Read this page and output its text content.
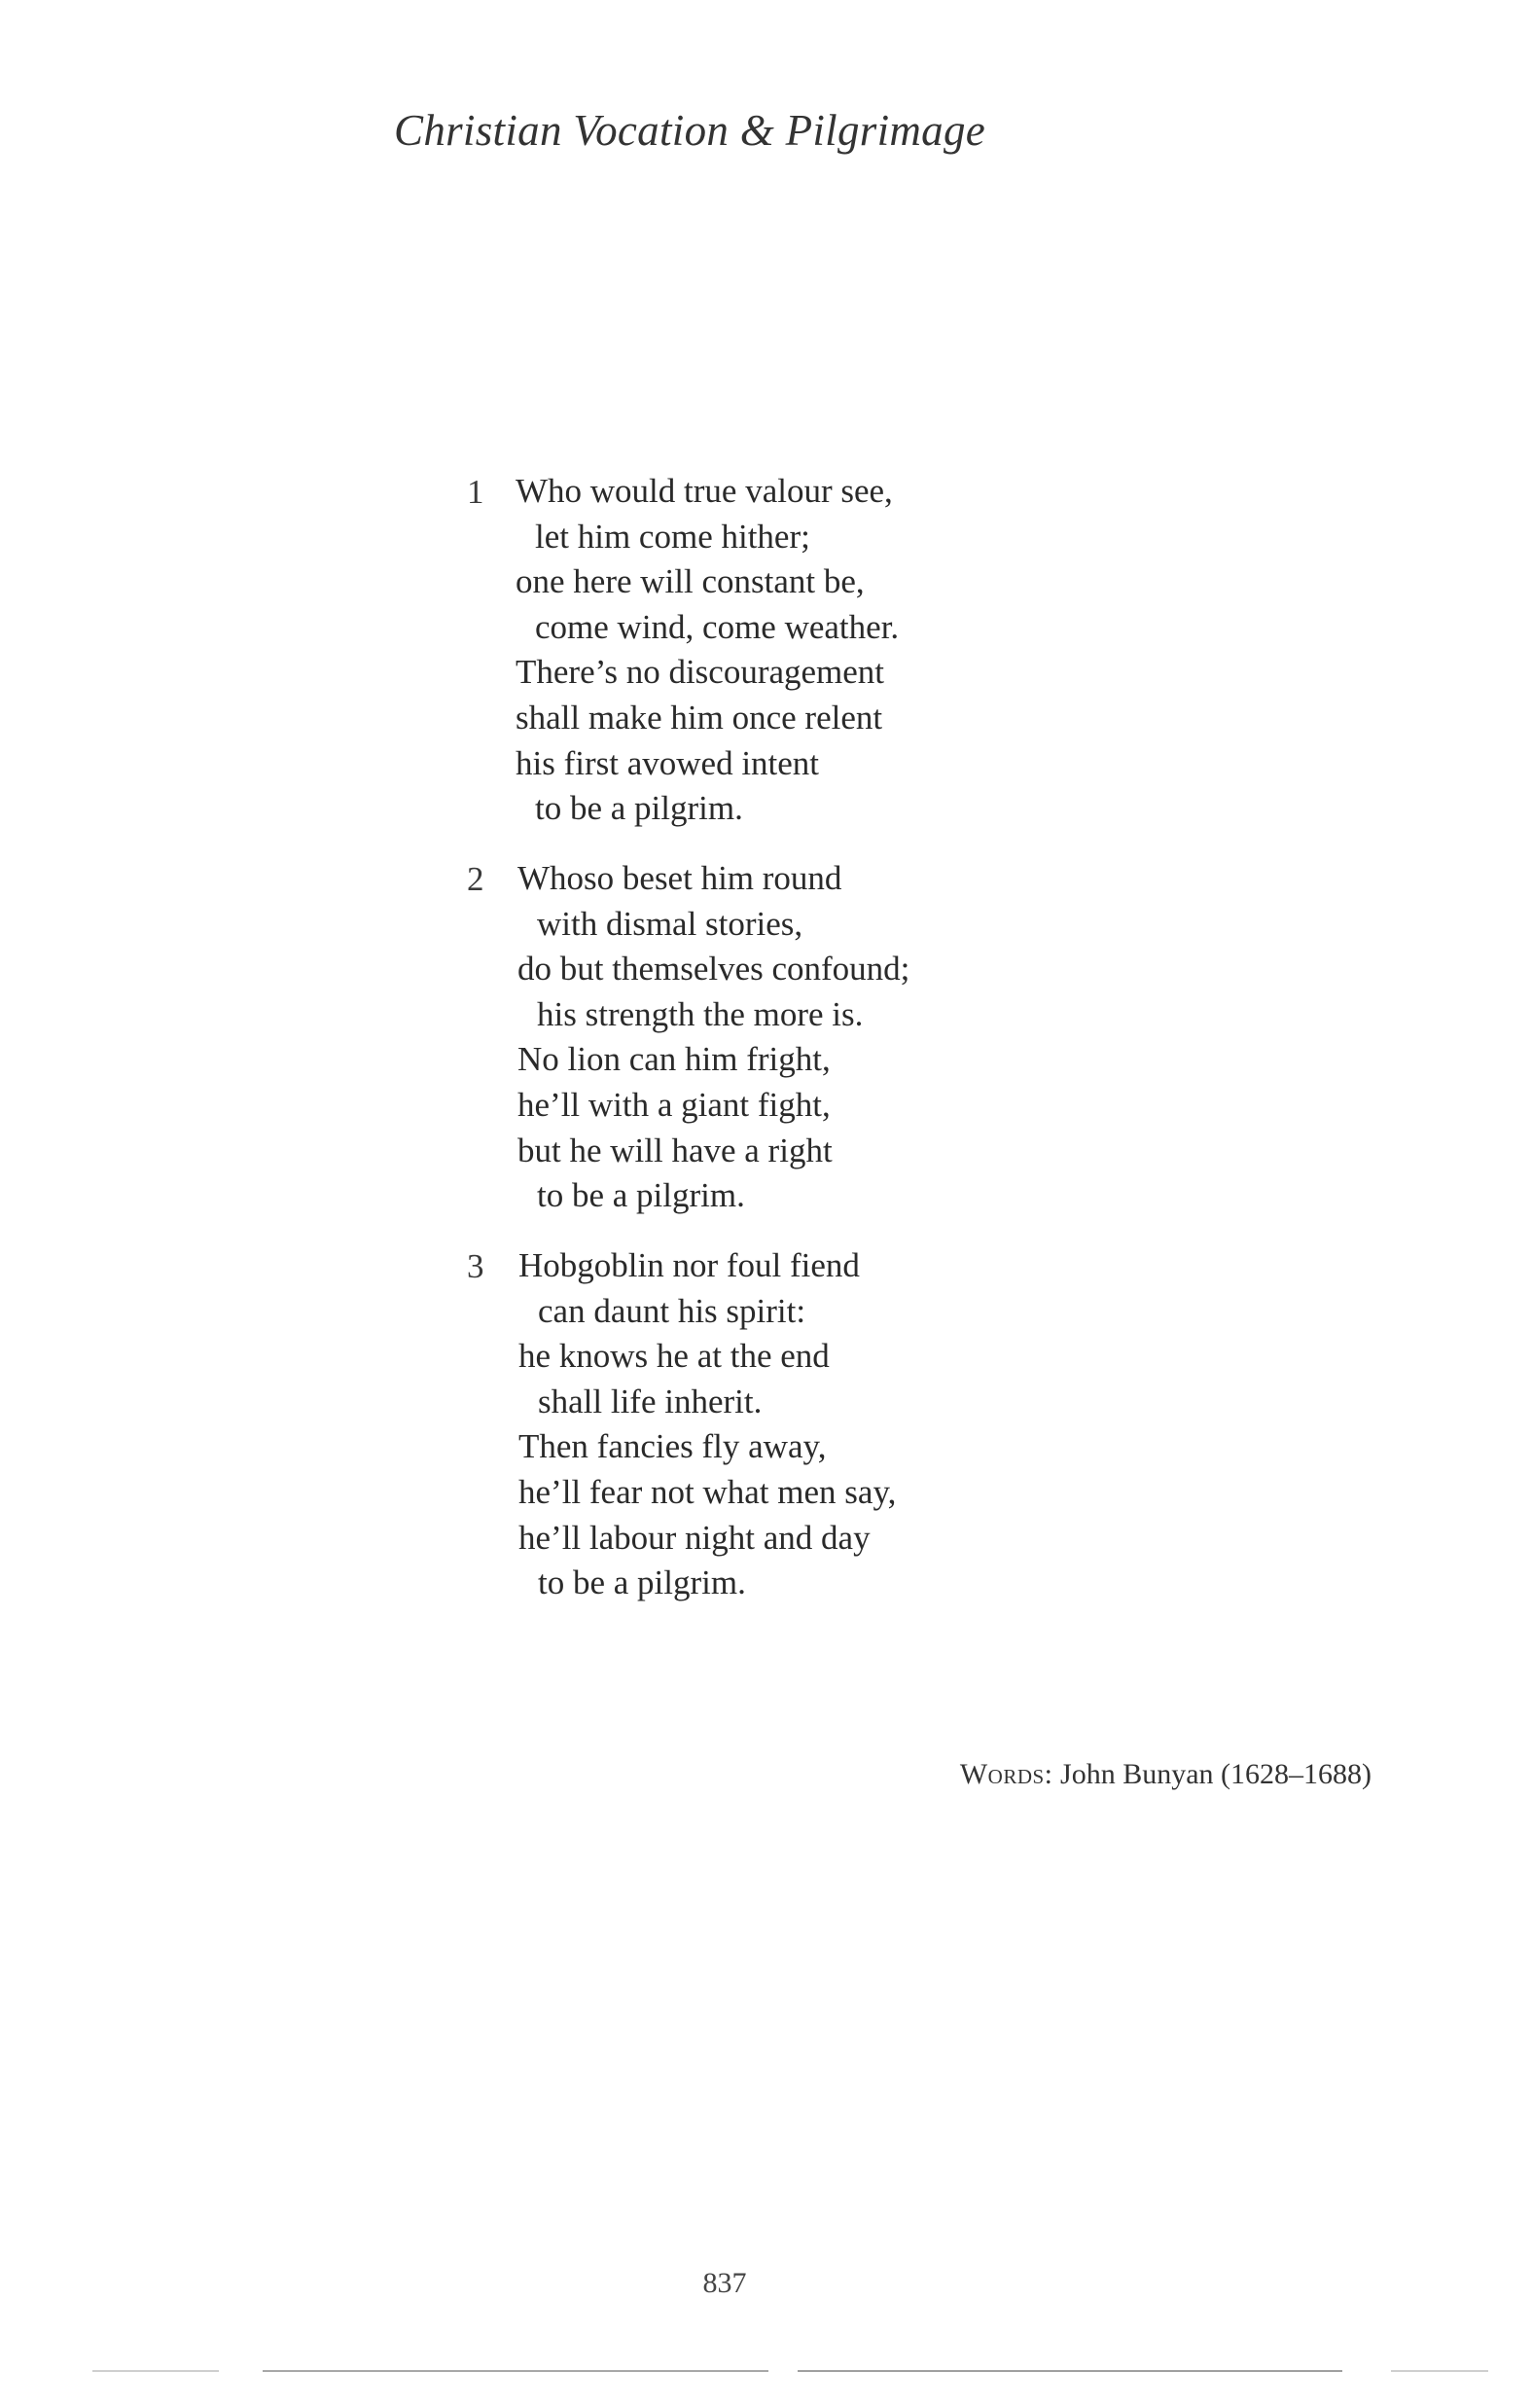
Christian Vocation & Pilgrimage
1 Who would true valour see,
let him come hither;
one here will constant be,
come wind, come weather.
There’s no discouragement
shall make him once relent
his first avowed intent
to be a pilgrim.
2 Whoso beset him round
with dismal stories,
do but themselves confound;
his strength the more is.
No lion can him fright,
he’ll with a giant fight,
but he will have a right
to be a pilgrim.
3 Hobgoblin nor foul fiend
can daunt his spirit:
he knows he at the end
shall life inherit.
Then fancies fly away,
he’ll fear not what men say,
he’ll labour night and day
to be a pilgrim.
Words: John Bunyan (1628–1688)
837
